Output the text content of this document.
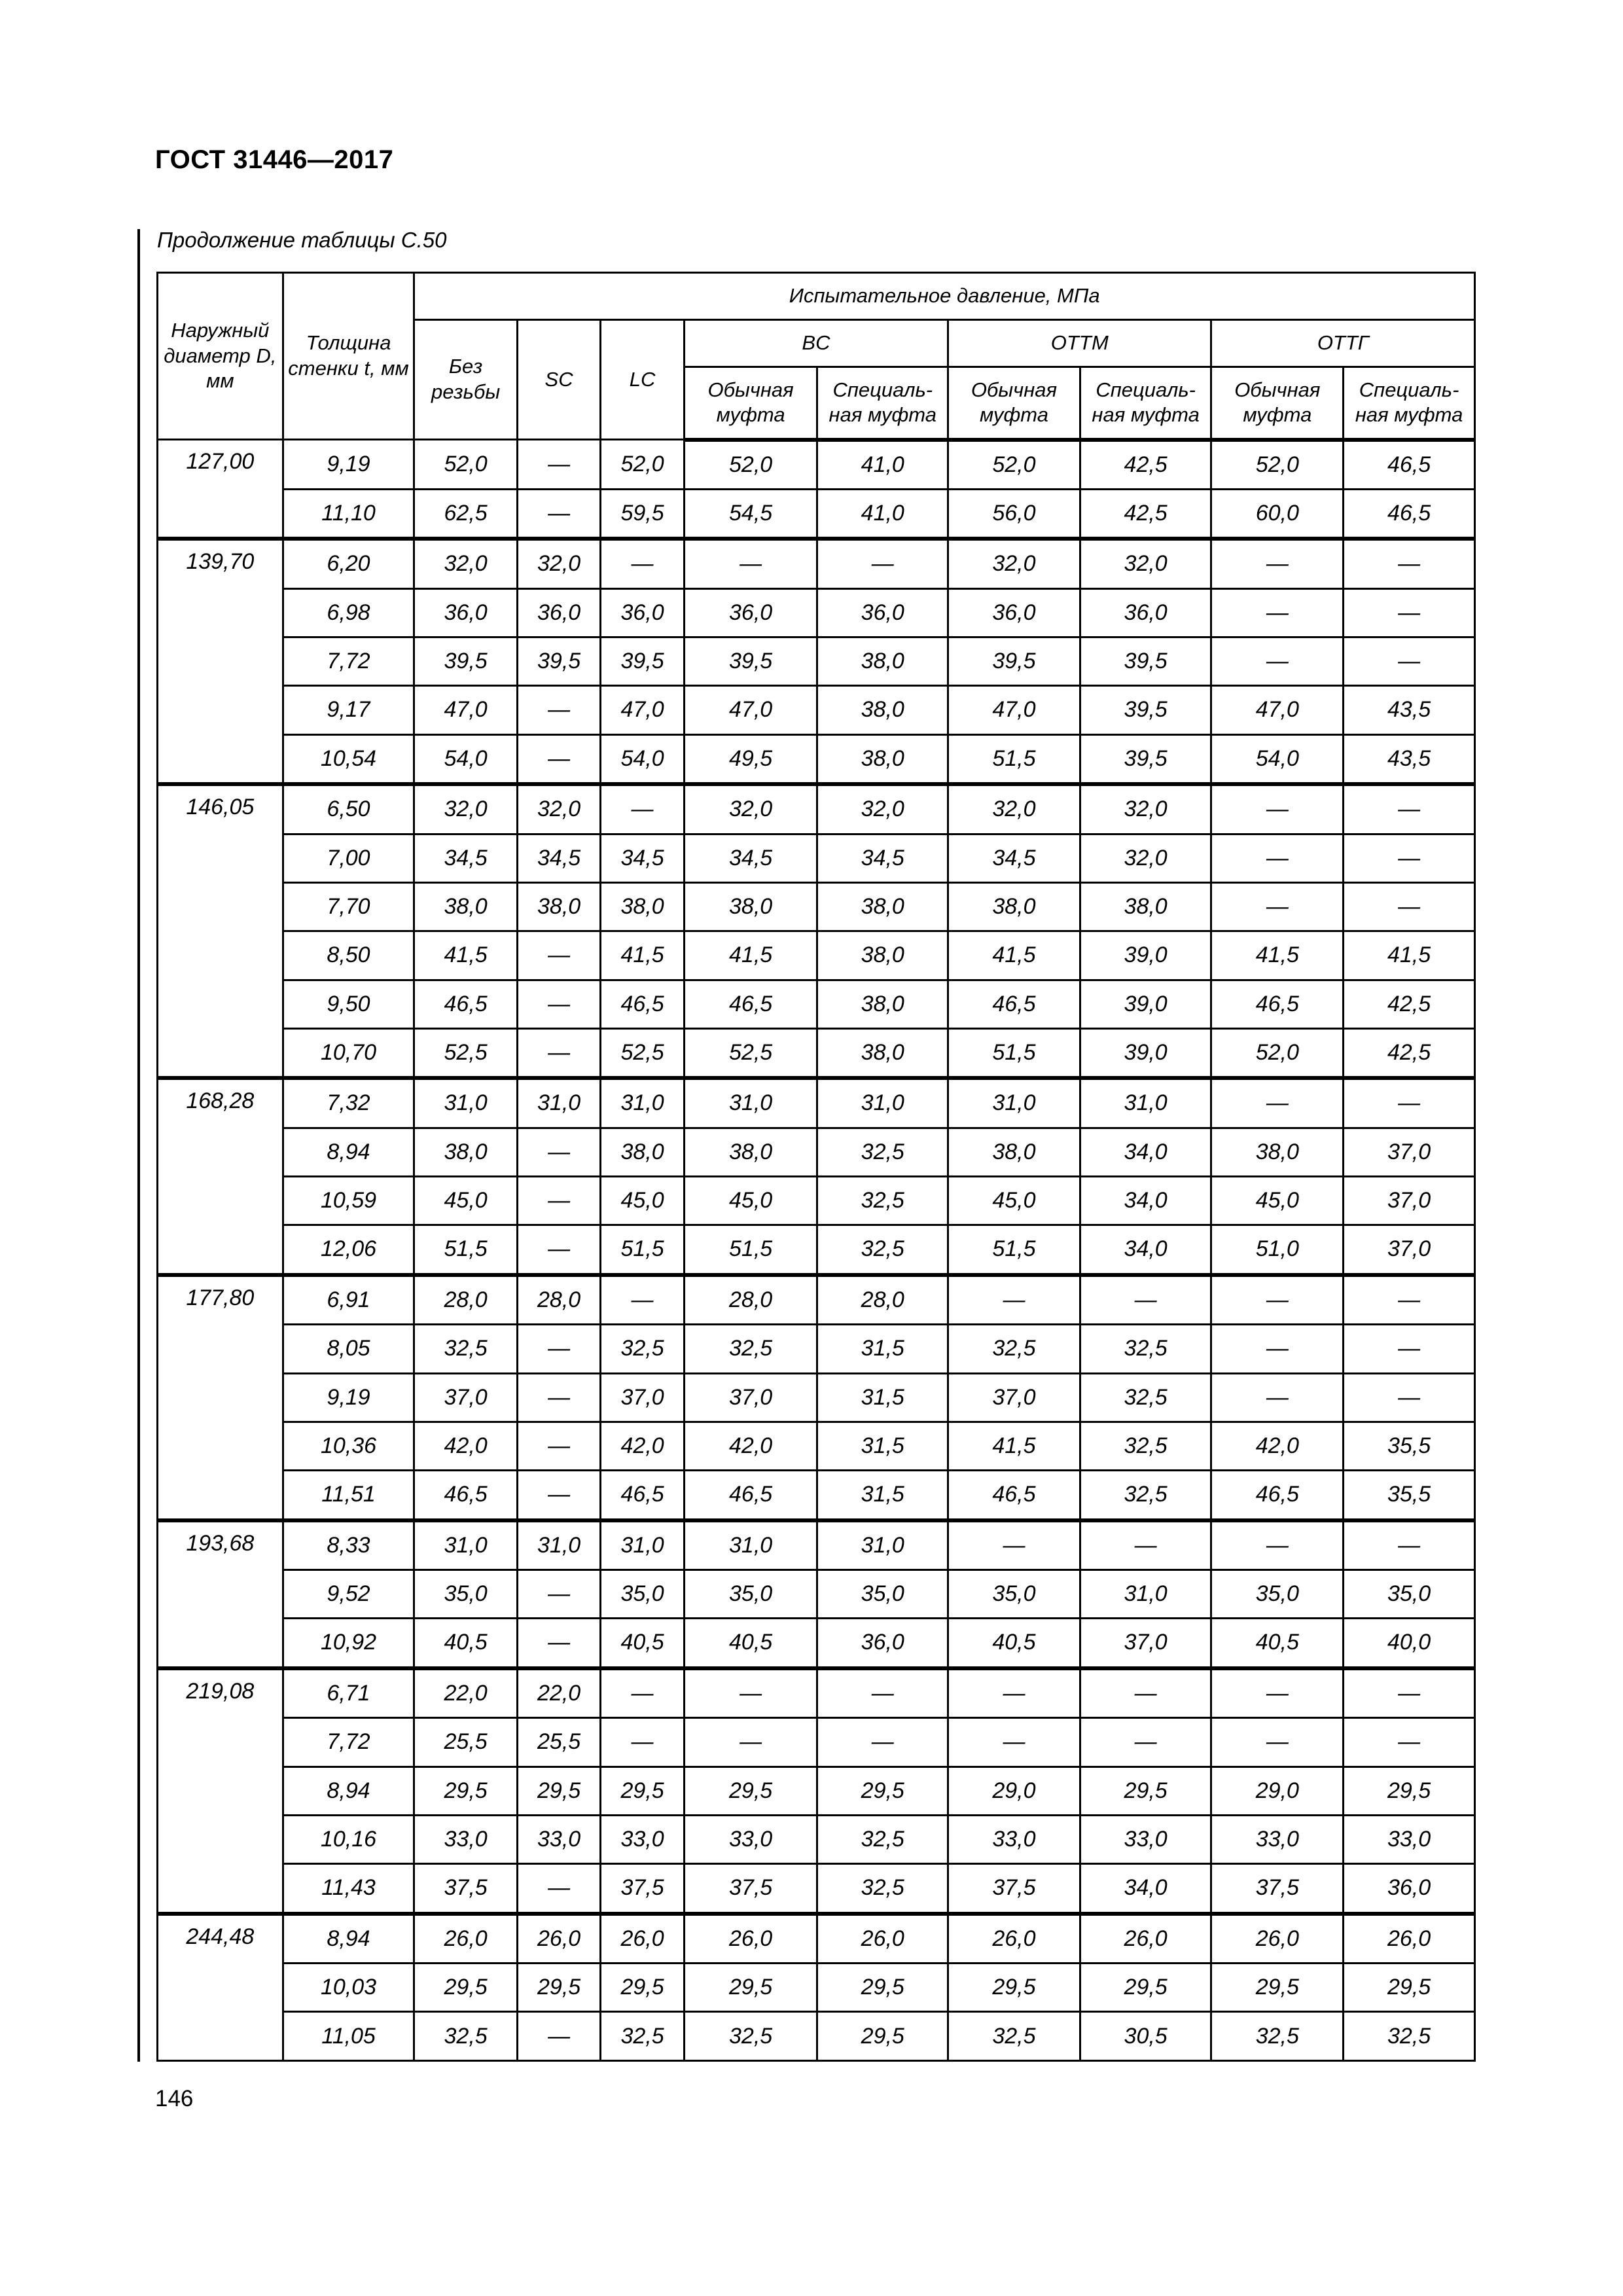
ГОСТ 31446—2017
Продолжение таблицы С.50
Наружный диаметр D, мм	Толщина стенки t, мм	Испытательное давление, МПа								
		Без резьбы	SC	LC	BC		ОТТМ		ОТТГ	
					Обычная муфта	Специаль-ная муфта	Обычная муфта	Специаль-ная муфта	Обычная муфта	Специаль-ная муфта
127,00	9,19	52,0	—	52,0	52,0	41,0	52,0	42,5	52,0	46,5
	11,10	62,5	—	59,5	54,5	41,0	56,0	42,5	60,0	46,5
139,70	6,20	32,0	32,0	—	—	—	32,0	32,0	—	—
	6,98	36,0	36,0	36,0	36,0	36,0	36,0	36,0	—	—
	7,72	39,5	39,5	39,5	39,5	38,0	39,5	39,5	—	—
	9,17	47,0	—	47,0	47,0	38,0	47,0	39,5	47,0	43,5
	10,54	54,0	—	54,0	49,5	38,0	51,5	39,5	54,0	43,5
146,05	6,50	32,0	32,0	—	32,0	32,0	32,0	32,0	—	—
	7,00	34,5	34,5	34,5	34,5	34,5	34,5	32,0	—	—
	7,70	38,0	38,0	38,0	38,0	38,0	38,0	38,0	—	—
	8,50	41,5	—	41,5	41,5	38,0	41,5	39,0	41,5	41,5
	9,50	46,5	—	46,5	46,5	38,0	46,5	39,0	46,5	42,5
	10,70	52,5	—	52,5	52,5	38,0	51,5	39,0	52,0	42,5
168,28	7,32	31,0	31,0	31,0	31,0	31,0	31,0	31,0	—	—
	8,94	38,0	—	38,0	38,0	32,5	38,0	34,0	38,0	37,0
	10,59	45,0	—	45,0	45,0	32,5	45,0	34,0	45,0	37,0
	12,06	51,5	—	51,5	51,5	32,5	51,5	34,0	51,0	37,0
177,80	6,91	28,0	28,0	—	28,0	28,0	—	—	—	—
	8,05	32,5	—	32,5	32,5	31,5	32,5	32,5	—	—
	9,19	37,0	—	37,0	37,0	31,5	37,0	32,5	—	—
	10,36	42,0	—	42,0	42,0	31,5	41,5	32,5	42,0	35,5
	11,51	46,5	—	46,5	46,5	31,5	46,5	32,5	46,5	35,5
193,68	8,33	31,0	31,0	31,0	31,0	31,0	—	—	—	—
	9,52	35,0	—	35,0	35,0	35,0	35,0	31,0	35,0	35,0
	10,92	40,5	—	40,5	40,5	36,0	40,5	37,0	40,5	40,0
219,08	6,71	22,0	22,0	—	—	—	—	—	—	—
	7,72	25,5	25,5	—	—	—	—	—	—	—
	8,94	29,5	29,5	29,5	29,5	29,5	29,0	29,5	29,0	29,5
	10,16	33,0	33,0	33,0	33,0	32,5	33,0	33,0	33,0	33,0
	11,43	37,5	—	37,5	37,5	32,5	37,5	34,0	37,5	36,0
244,48	8,94	26,0	26,0	26,0	26,0	26,0	26,0	26,0	26,0	26,0
	10,03	29,5	29,5	29,5	29,5	29,5	29,5	29,5	29,5	29,5
	11,05	32,5	—	32,5	32,5	29,5	32,5	30,5	32,5	32,5
146
